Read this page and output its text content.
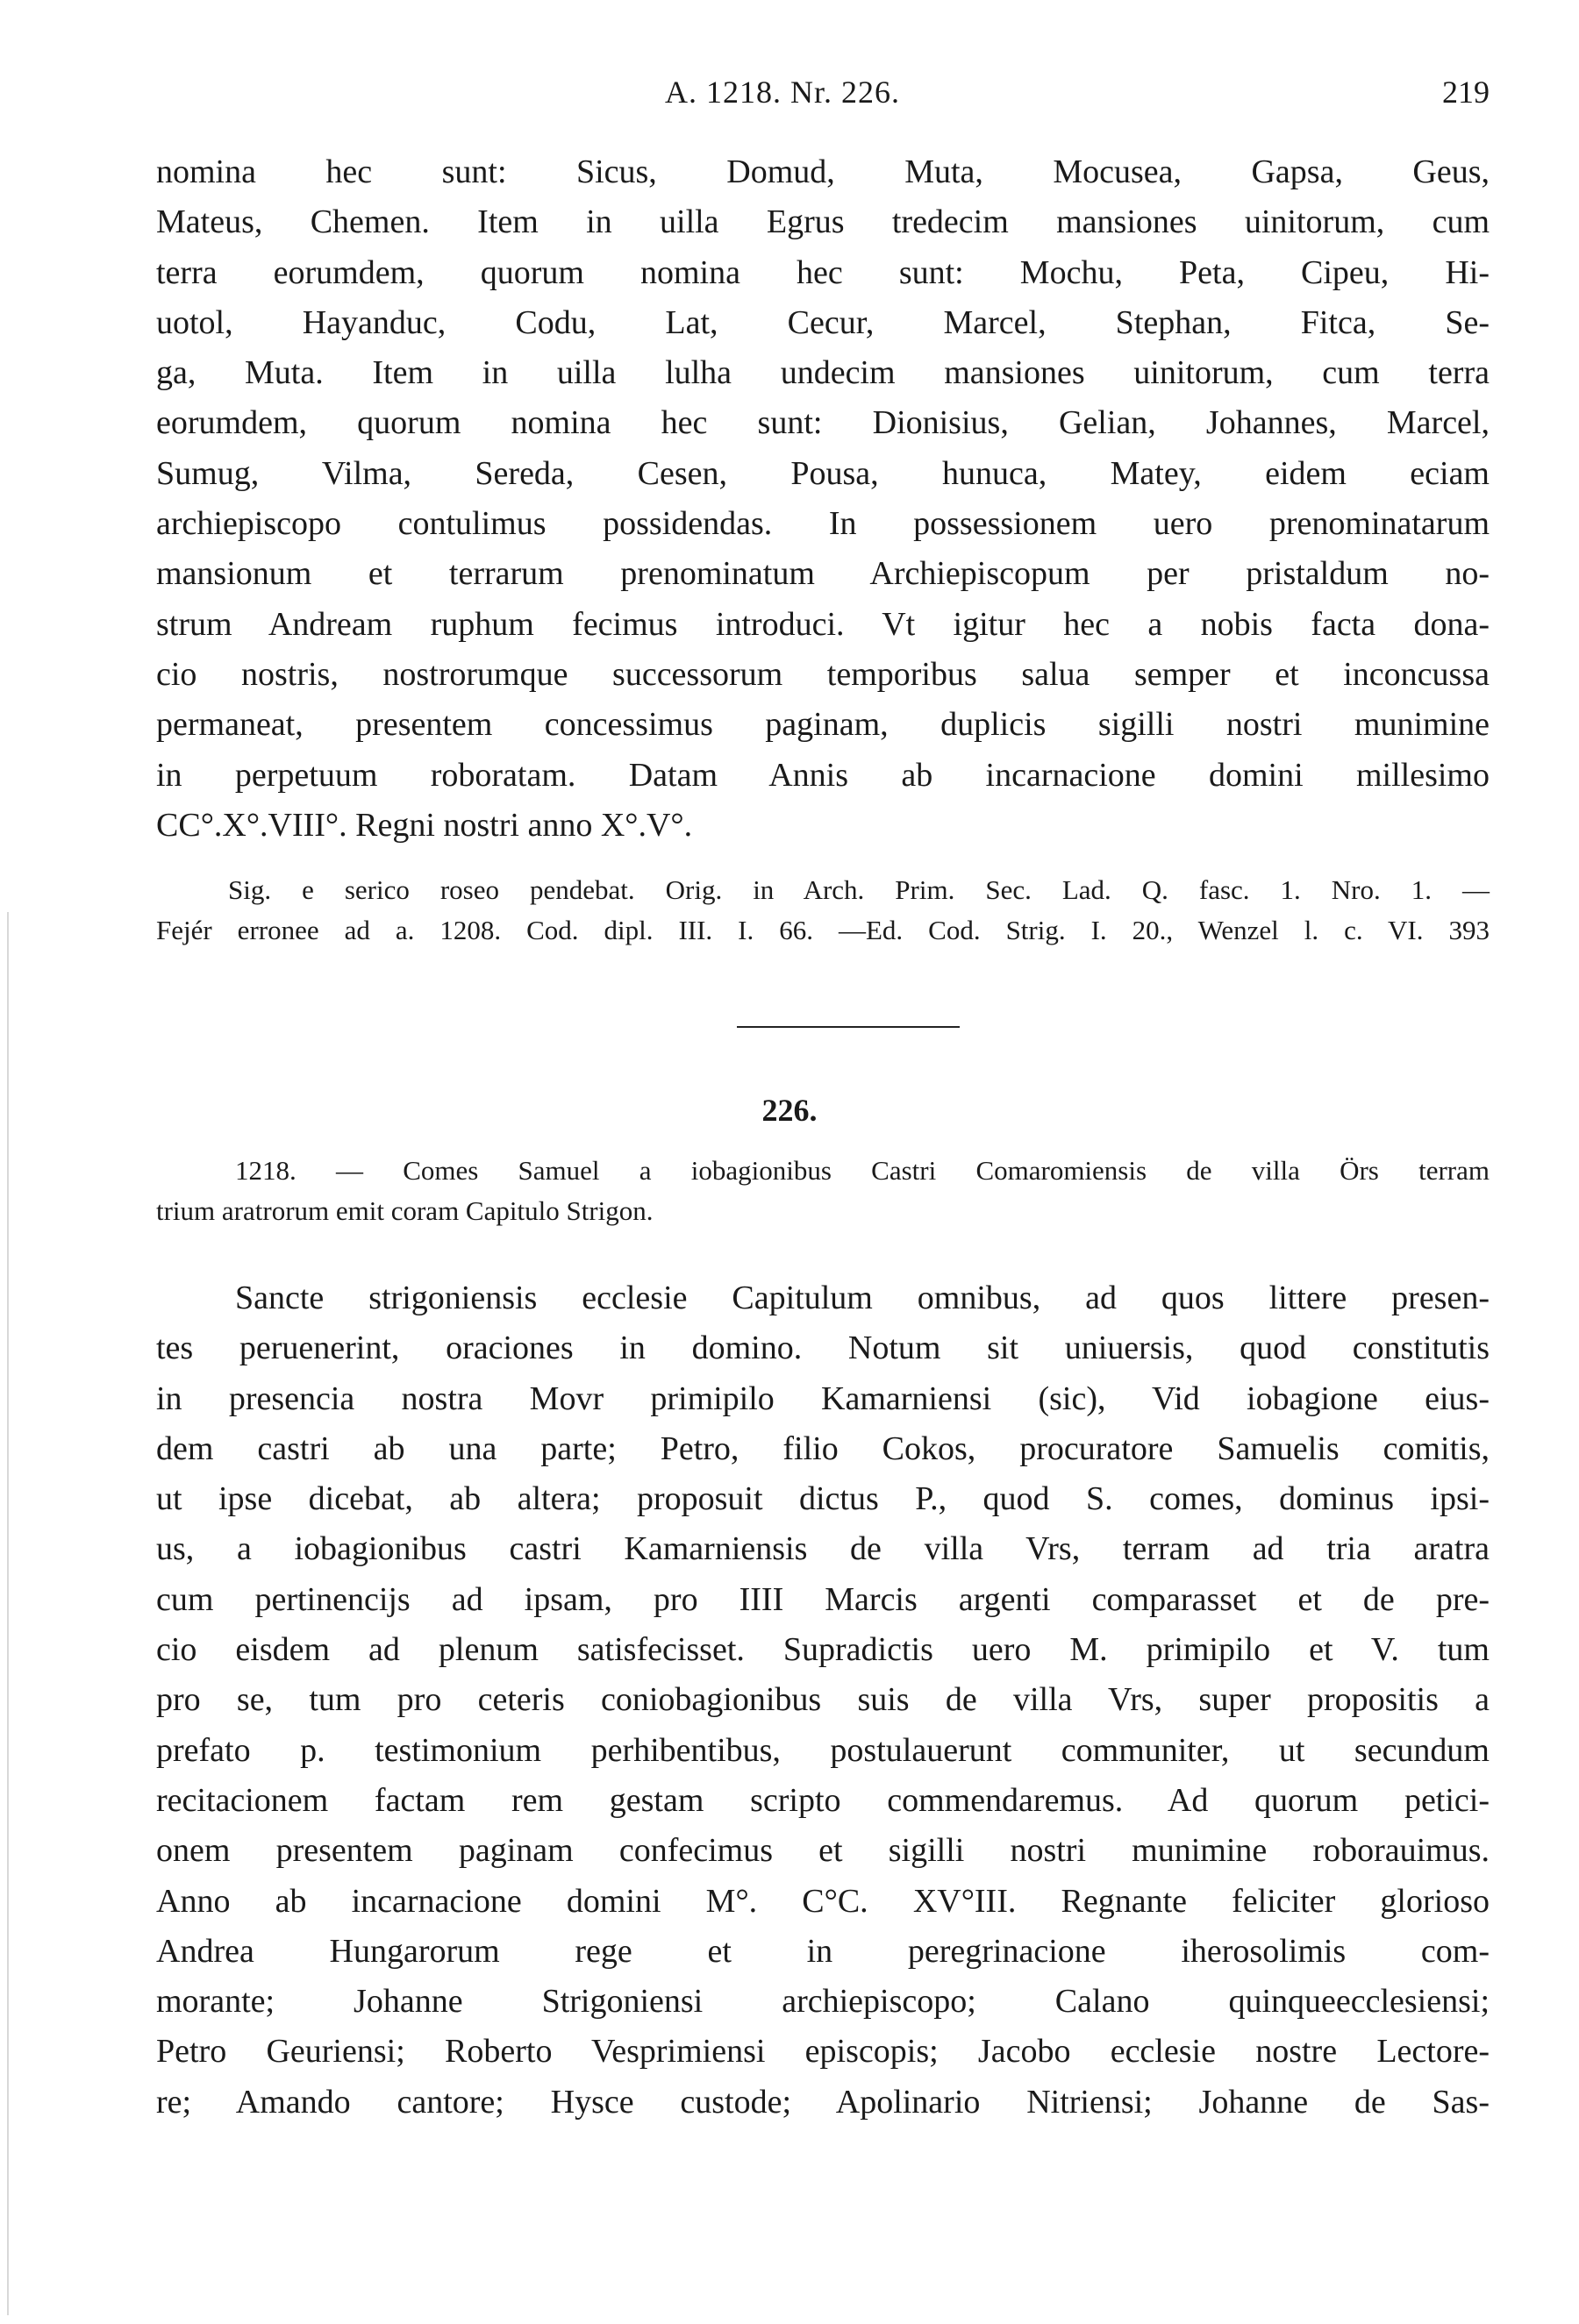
A. 1218. Nr. 226.	219

nomina hec sunt: Sicus, Domud, Muta, Mocusea, Gapsa, Geus,
Mateus, Chemen. Item in uilla Egrus tredecim mansiones uinitorum, cum
terra eorumdem, quorum nomina hec sunt: Mochu, Peta, Cipeu, Hi-
uotol, Hayanduc, Codu, Lat, Cecur, Marcel, Stephan, Fitca, Se-
ga, Muta. Item in uilla lulha undecim mansiones uinitorum, cum terra
eorumdem, quorum nomina hec sunt: Dionisius, Gelian, Johannes, Marcel,
Sumug, Vilma, Sereda, Cesen, Pousa, hunuca, Matey, eidem eciam
archiepiscopo contulimus possidendas. In possessionem uero prenominatarum
mansionum et terrarum prenominatum Archiepiscopum per pristaldum no-
strum Andream ruphum fecimus introduci. Vt igitur hec a nobis facta dona-
cio nostris, nostrorumque successorum temporibus salua semper et inconcussa
permaneat, presentem concessimus paginam, duplicis sigilli nostri munimine
in perpetuum roboratam. Datam Annis ab incarnacione domini millesimo
CC°.X°.VIII°. Regni nostri anno X°.V°.

Sig. e serico roseo pendebat. Orig. in Arch. Prim. Sec. Lad. Q. fasc. 1. Nro. 1. —
Fejér erronee ad a. 1208. Cod. dipl. III. I. 66. —Ed. Cod. Strig. I. 20., Wenzel l. c. VI. 393

226.

1218. — Comes Samuel a iobagionibus Castri Comaromiensis de villa Örs terram
trium aratrorum emit coram Capitulo Strigon.

Sancte strigoniensis ecclesie Capitulum omnibus, ad quos littere presen-
tes peruenerint, oraciones in domino. Notum sit uniuersis, quod constitutis
in presencia nostra Movr primipilo Kamarniensi (sic), Vid iobagione eius-
dem castri ab una parte; Petro, filio Cokos, procuratore Samuelis comitis,
ut ipse dicebat, ab altera; proposuit dictus P., quod S. comes, dominus ipsi-
us, a iobagionibus castri Kamarniensis de villa Vrs, terram ad tria aratra
cum pertinencijs ad ipsam, pro IIII Marcis argenti comparasset et de pre-
cio eisdem ad plenum satisfecisset. Supradictis uero M. primipilo et V. tum
pro se, tum pro ceteris coniobagionibus suis de villa Vrs, super propositis a
prefato p. testimonium perhibentibus, postulauerunt communiter, ut secundum
recitacionem factam rem gestam scripto commendaremus. Ad quorum petici-
onem presentem paginam confecimus et sigilli nostri munimine roborauimus.
Anno ab incarnacione domini M°. C°C. XV°III. Regnante feliciter glorioso
Andrea Hungarorum rege et in peregrinacione iherosolimis com-
morante; Johanne Strigoniensi archiepiscopo; Calano quinqueecclesiensi;
Petro Geuriensi; Roberto Vesprimiensi episcopis; Jacobo ecclesie nostre Lectore-
re; Amando cantore; Hysce custode; Apolinario Nitriensi; Johanne de Sas-
